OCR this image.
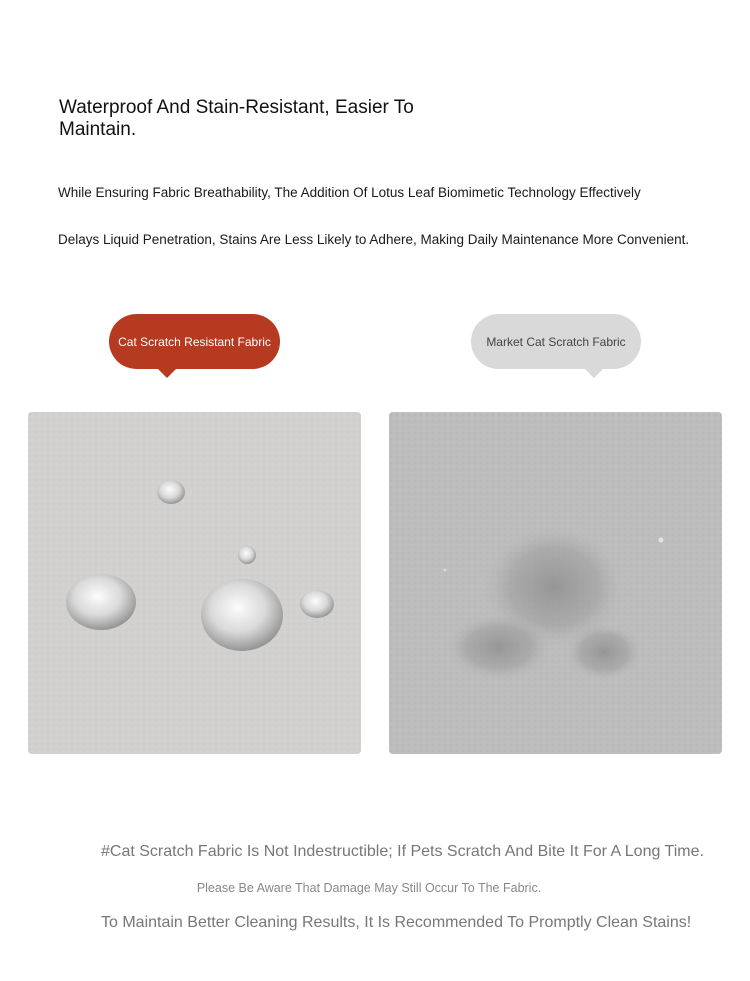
Waterproof And Stain-Resistant, Easier To Maintain.
While Ensuring Fabric Breathability, The Addition Of Lotus Leaf Biomimetic Technology Effectively
Delays Liquid Penetration, Stains Are Less Likely to Adhere, Making Daily Maintenance More Convenient.
Cat Scratch Resistant Fabric	Market Cat Scratch Fabric
#Cat Scratch Fabric Is Not Indestructible; If Pets Scratch And Bite It For A Long Time.
Please Be Aware That Damage May Still Occur To The Fabric.
To Maintain Better Cleaning Results, It Is Recommended To Promptly Clean Stains!
